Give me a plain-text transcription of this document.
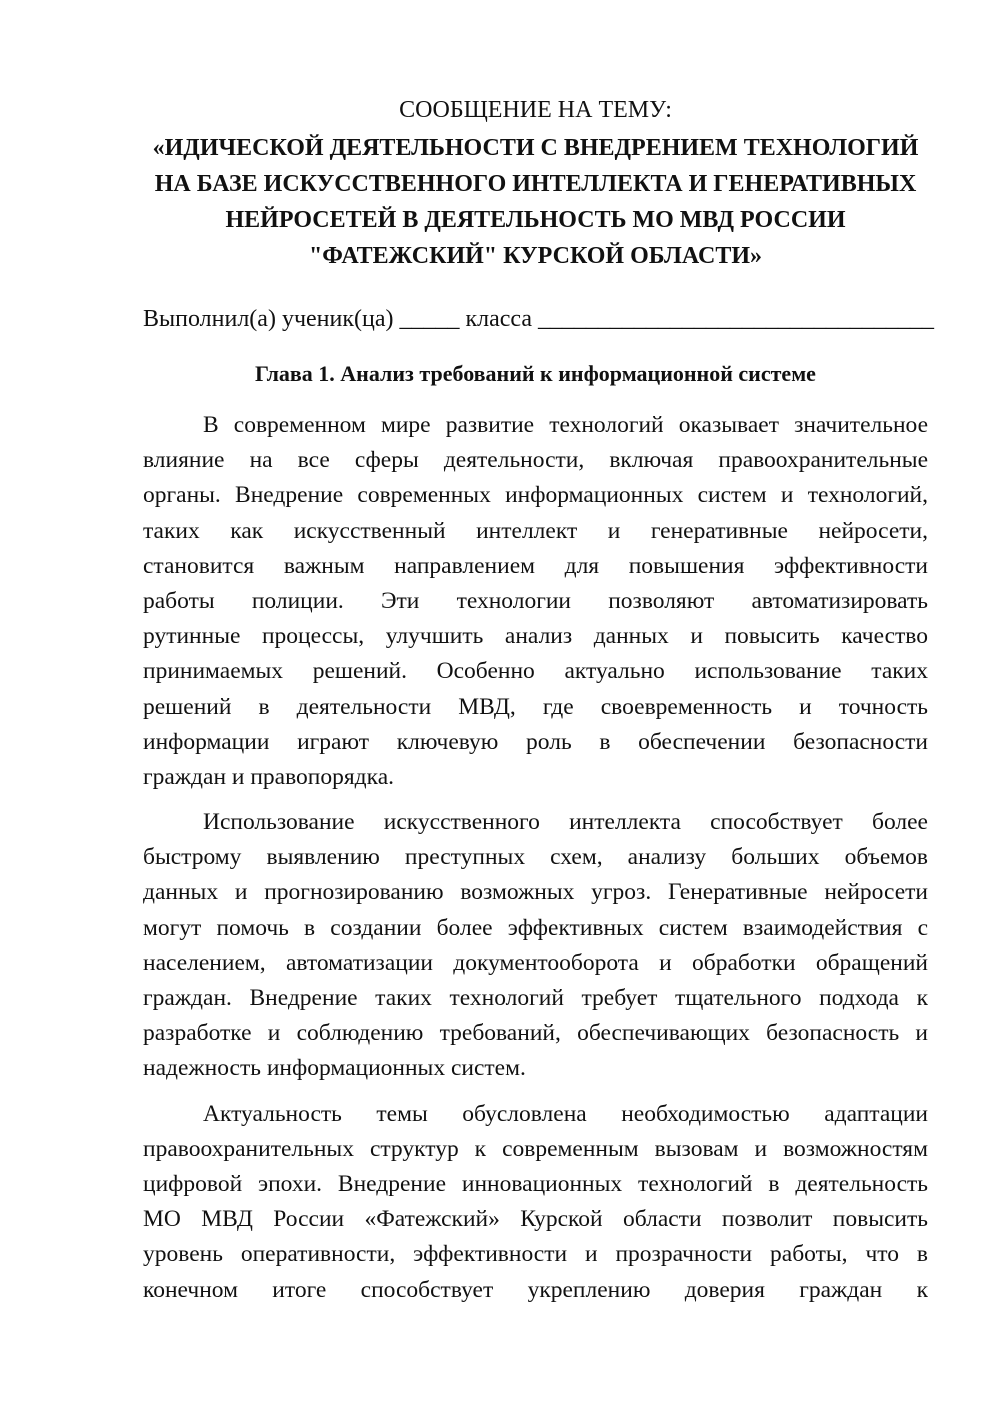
СООБЩЕНИЕ НА ТЕМУ:
«ИДИЧЕСКОЙ ДЕЯТЕЛЬНОСТИ С ВНЕДРЕНИЕМ ТЕХНОЛОГИЙ
НА БАЗЕ ИСКУССТВЕННОГО ИНТЕЛЛЕКТА И ГЕНЕРАТИВНЫХ
НЕЙРОСЕТЕЙ В ДЕЯТЕЛЬНОСТЬ МО МВД РОССИИ
"ФАТЕЖСКИЙ" КУРСКОЙ ОБЛАСТИ»
Выполнил(а) ученик(ца) _____ класса _________________________________
Глава 1. Анализ требований к информационной системе
В современном мире развитие технологий оказывает значительное
влияние на все сферы деятельности, включая правоохранительные
органы. Внедрение современных информационных систем и технологий,
таких как искусственный интеллект и генеративные нейросети,
становится важным направлением для повышения эффективности
работы полиции. Эти технологии позволяют автоматизировать
рутинные процессы, улучшить анализ данных и повысить качество
принимаемых решений. Особенно актуально использование таких
решений в деятельности МВД, где своевременность и точность
информации играют ключевую роль в обеспечении безопасности
граждан и правопорядка.
Использование искусственного интеллекта способствует более
быстрому выявлению преступных схем, анализу больших объемов
данных и прогнозированию возможных угроз. Генеративные нейросети
могут помочь в создании более эффективных систем взаимодействия с
населением, автоматизации документооборота и обработки обращений
граждан. Внедрение таких технологий требует тщательного подхода к
разработке и соблюдению требований, обеспечивающих безопасность и
надежность информационных систем.
Актуальность темы обусловлена необходимостью адаптации
правоохранительных структур к современным вызовам и возможностям
цифровой эпохи. Внедрение инновационных технологий в деятельность
МО МВД России «Фатежский» Курской области позволит повысить
уровень оперативности, эффективности и прозрачности работы, что в
конечном итоге способствует укреплению доверия граждан к
